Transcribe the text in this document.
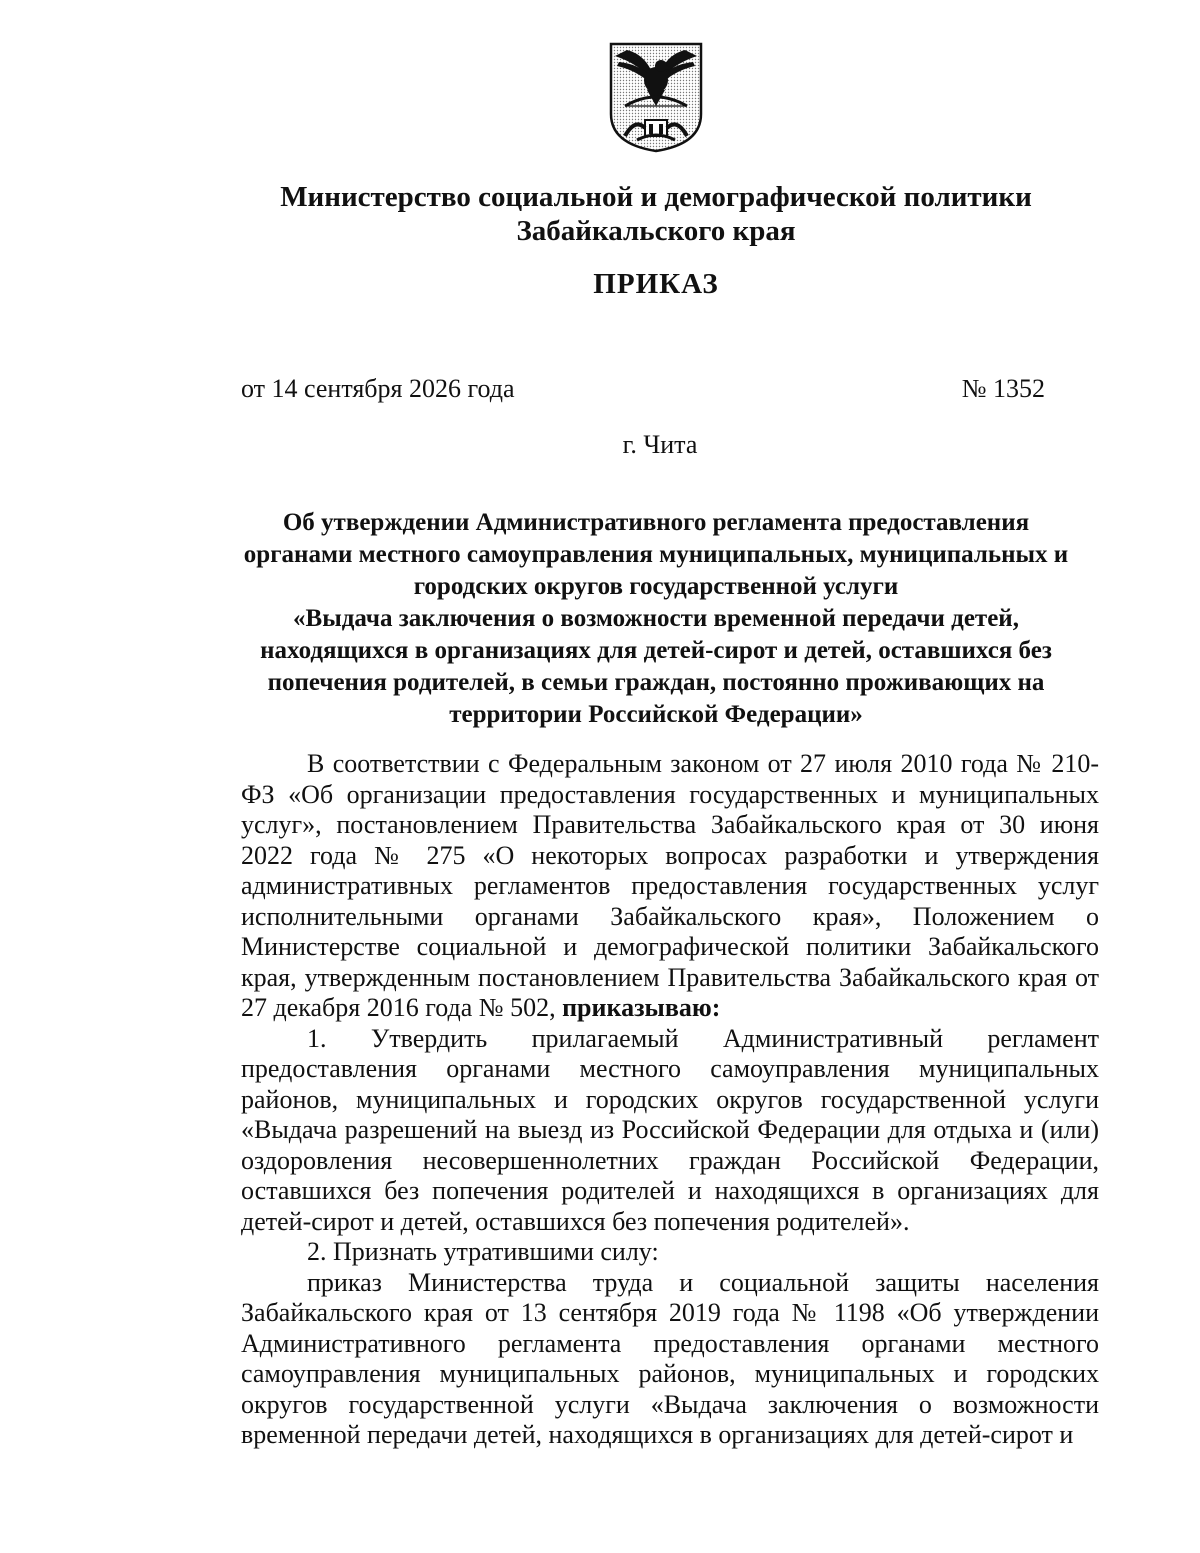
Министерство социальной и демографической политики
Забайкальского края
ПРИКАЗ
от 14 сентября 2026 года	№ 1352
г. Чита
Об утверждении Административного регламента предоставления
органами местного самоуправления муниципальных, муниципальных и
городских округов государственной услуги
«Выдача заключения о возможности временной передачи детей,
находящихся в организациях для детей-сирот и детей, оставшихся без
попечения родителей, в семьи граждан, постоянно проживающих на
территории Российской Федерации»

В соответствии с Федеральным законом от 27 июля 2010 года № 210-ФЗ «Об организации предоставления государственных и муниципальных услуг», постановлением Правительства Забайкальского края от 30 июня 2022 года № 275 «О некоторых вопросах разработки и утверждения административных регламентов предоставления государственных услуг исполнительными органами Забайкальского края», Положением о Министерстве социальной и демографической политики Забайкальского края, утвержденным постановлением Правительства Забайкальского края от 27 декабря 2016 года № 502, приказываю:

1. Утвердить прилагаемый Административный регламент предоставления органами местного самоуправления муниципальных районов, муниципальных и городских округов государственной услуги «Выдача разрешений на выезд из Российской Федерации для отдыха и (или) оздоровления несовершеннолетних граждан Российской Федерации, оставшихся без попечения родителей и находящихся в организациях для детей-сирот и детей, оставшихся без попечения родителей».

2. Признать утратившими силу:

приказ Министерства труда и социальной защиты населения Забайкальского края от 13 сентября 2019 года № 1198 «Об утверждении Административного регламента предоставления органами местного самоуправления муниципальных районов, муниципальных и городских округов государственной услуги «Выдача заключения о возможности временной передачи детей, находящихся в организациях для детей-сирот и
